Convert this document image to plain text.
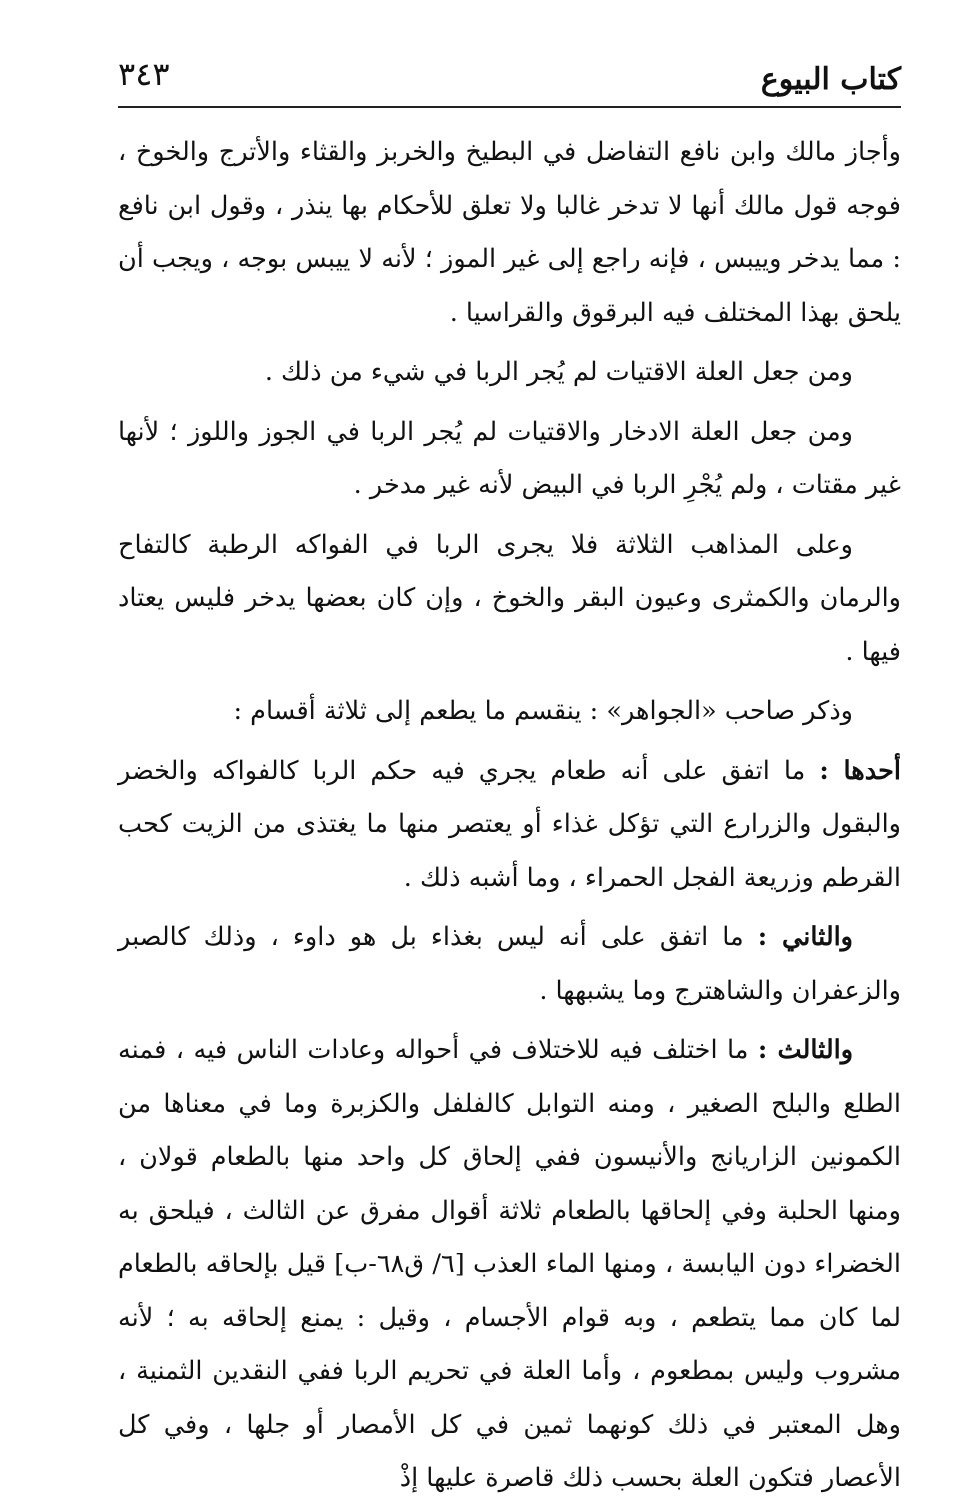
كتاب البيوع
٣٤٣

وأجاز مالك وابن نافع التفاضل في البطيخ والخربز والقثاء والأترج والخوخ ، فوجه قول مالك أنها لا تدخر غالبا ولا تعلق للأحكام بها ينذر ، وقول ابن نافع : مما يدخر وييبس ، فإنه راجع إلى غير الموز ؛ لأنه لا ييبس بوجه ، ويجب أن يلحق بهذا المختلف فيه البرقوق والقراسيا .

ومن جعل العلة الاقتيات لم يُجر الربا في شيء من ذلك .

ومن جعل العلة الادخار والاقتيات لم يُجر الربا في الجوز واللوز ؛ لأنها غير مقتات ، ولم يُجْرِ الربا في البيض لأنه غير مدخر .

وعلى المذاهب الثلاثة فلا يجرى الربا في الفواكه الرطبة كالتفاح والرمان والكمثرى وعيون البقر والخوخ ، وإن كان بعضها يدخر فليس يعتاد فيها .

وذكر صاحب «الجواهر» : ينقسم ما يطعم إلى ثلاثة أقسام :

أحدها : ما اتفق على أنه طعام يجري فيه حكم الربا كالفواكه والخضر والبقول والزرارع التي تؤكل غذاء أو يعتصر منها ما يغتذى من الزيت كحب القرطم وزريعة الفجل الحمراء ، وما أشبه ذلك .

والثاني : ما اتفق على أنه ليس بغذاء بل هو داوء ، وذلك كالصبر والزعفران والشاهترج وما يشبهها .

والثالث : ما اختلف فيه للاختلاف في أحواله وعادات الناس فيه ، فمنه الطلع والبلح الصغير ، ومنه التوابل كالفلفل والكزبرة وما في معناها من الكمونين الزاريانج والأنيسون ففي إلحاق كل واحد منها بالطعام قولان ، ومنها الحلبة وفي إلحاقها بالطعام ثلاثة أقوال مفرق عن الثالث ، فيلحق به الخضراء دون اليابسة ، ومنها الماء العذب [٦/ ق٦٨-ب] قيل بإلحاقه بالطعام لما كان مما يتطعم ، وبه قوام الأجسام ، وقيل : يمنع إلحاقه به ؛ لأنه مشروب وليس بمطعوم ، وأما العلة في تحريم الربا ففي النقدين الثمنية ، وهل المعتبر في ذلك كونهما ثمين في كل الأمصار أو جلها ، وفي كل الأعصار فتكون العلة بحسب ذلك قاصرة عليها إذْ
